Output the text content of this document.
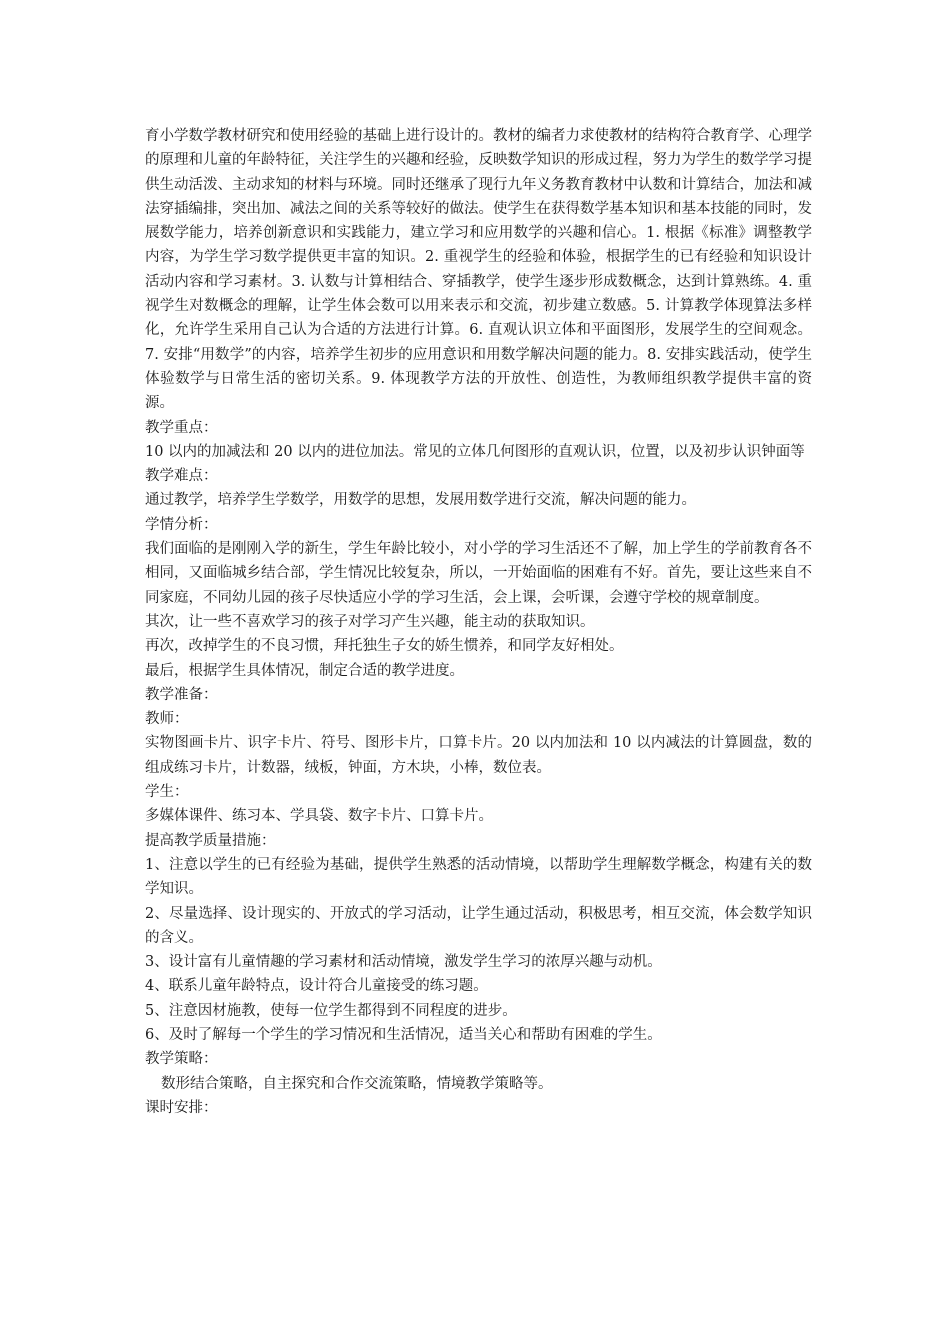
育小学数学教材研究和使用经验的基础上进行设计的。教材的编者力求使教材的结构符合教育学、心理学的原理和儿童的年龄特征，关注学生的兴趣和经验，反映数学知识的形成过程，努力为学生的数学学习提供生动活泼、主动求知的材料与环境。同时还继承了现行九年义务教育教材中认数和计算结合，加法和减法穿插编排，突出加、减法之间的关系等较好的做法。使学生在获得数学基本知识和基本技能的同时，发展数学能力，培养创新意识和实践能力，建立学习和应用数学的兴趣和信心。1. 根据《标准》调整教学内容，为学生学习数学提供更丰富的知识。2. 重视学生的经验和体验，根据学生的已有经验和知识设计活动内容和学习素材。3. 认数与计算相结合、穿插教学，使学生逐步形成数概念，达到计算熟练。4. 重视学生对数概念的理解，让学生体会数可以用来表示和交流，初步建立数感。5. 计算教学体现算法多样化，允许学生采用自己认为合适的方法进行计算。6. 直观认识立体和平面图形，发展学生的空间观念。7. 安排“用数学”的内容，培养学生初步的应用意识和用数学解决问题的能力。8. 安排实践活动，使学生体验数学与日常生活的密切关系。9. 体现教学方法的开放性、创造性，为教师组织教学提供丰富的资源。

教学重点：

10 以内的加减法和 20 以内的进位加法。常见的立体几何图形的直观认识，位置，以及初步认识钟面等

教学难点：

通过教学，培养学生学数学，用数学的思想，发展用数学进行交流，解决问题的能力。

学情分析：

我们面临的是刚刚入学的新生，学生年龄比较小，对小学的学习生活还不了解，加上学生的学前教育各不相同，又面临城乡结合部，学生情况比较复杂，所以，一开始面临的困难有不好。首先，要让这些来自不同家庭，不同幼儿园的孩子尽快适应小学的学习生活，会上课，会听课，会遵守学校的规章制度。

其次，让一些不喜欢学习的孩子对学习产生兴趣，能主动的获取知识。

再次，改掉学生的不良习惯，拜托独生子女的娇生惯养，和同学友好相处。

最后，根据学生具体情况，制定合适的教学进度。

教学准备：

教师：

实物图画卡片、识字卡片、符号、图形卡片，口算卡片。20 以内加法和 10 以内减法的计算圆盘，数的组成练习卡片，计数器，绒板，钟面，方木块，小棒，数位表。

学生：

多媒体课件、练习本、学具袋、数字卡片、口算卡片。

提高教学质量措施：

1、注意以学生的已有经验为基础，提供学生熟悉的活动情境，以帮助学生理解数学概念，构建有关的数学知识。

2、尽量选择、设计现实的、开放式的学习活动，让学生通过活动，积极思考，相互交流，体会数学知识的含义。

3、设计富有儿童情趣的学习素材和活动情境，激发学生学习的浓厚兴趣与动机。

4、联系儿童年龄特点，设计符合儿童接受的练习题。

5、注意因材施教，使每一位学生都得到不同程度的进步。

6、及时了解每一个学生的学习情况和生活情况，适当关心和帮助有困难的学生。

教学策略：

数形结合策略，自主探究和合作交流策略，情境教学策略等。

课时安排：
